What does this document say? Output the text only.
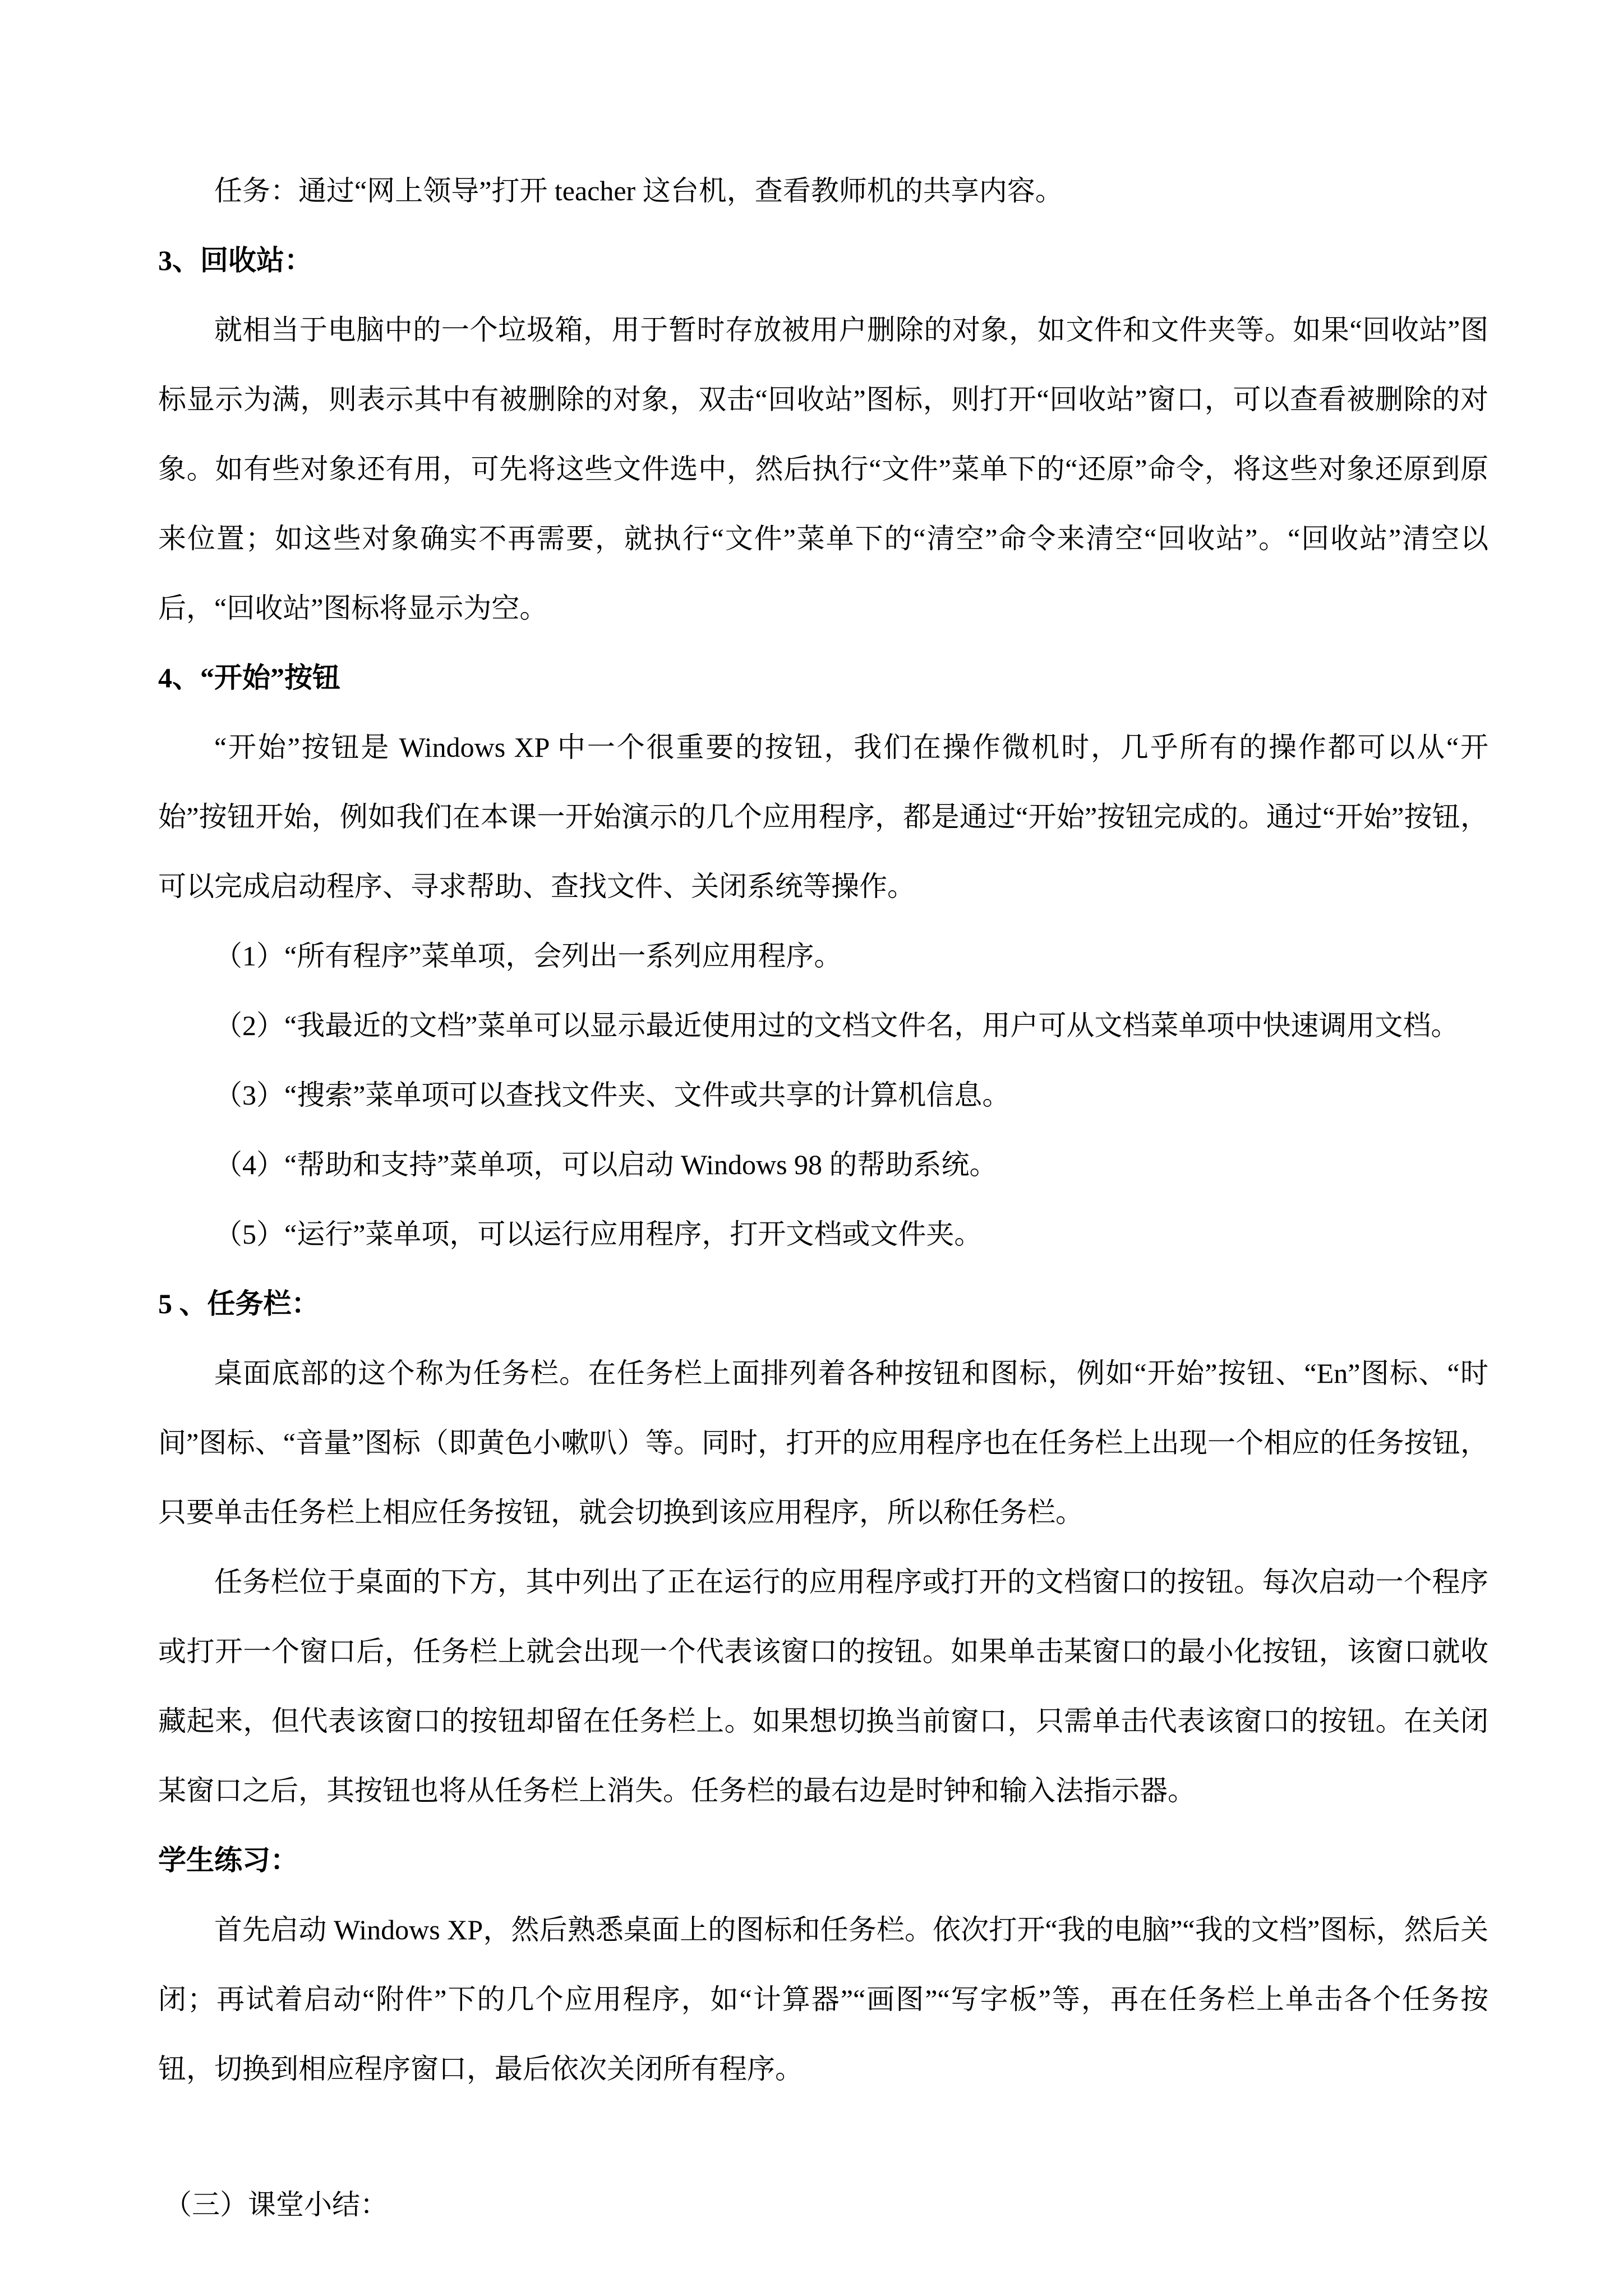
任务：通过“网上领导”打开 teacher 这台机，查看教师机的共享内容。

3、回收站：

就相当于电脑中的一个垃圾箱，用于暂时存放被用户删除的对象，如文件和文件夹等。如果“回收站”图标显示为满，则表示其中有被删除的对象，双击“回收站”图标，则打开“回收站”窗口，可以查看被删除的对象。如有些对象还有用，可先将这些文件选中，然后执行“文件”菜单下的“还原”命令，将这些对象还原到原来位置；如这些对象确实不再需要，就执行“文件”菜单下的“清空”命令来清空“回收站”。“回收站”清空以后，“回收站”图标将显示为空。

4、“开始”按钮

“开始”按钮是 Windows XP 中一个很重要的按钮，我们在操作微机时，几乎所有的操作都可以从“开始”按钮开始，例如我们在本课一开始演示的几个应用程序，都是通过“开始”按钮完成的。通过“开始”按钮，可以完成启动程序、寻求帮助、查找文件、关闭系统等操作。

（1）“所有程序”菜单项，会列出一系列应用程序。

（2）“我最近的文档”菜单可以显示最近使用过的文档文件名，用户可从文档菜单项中快速调用文档。

（3）“搜索”菜单项可以查找文件夹、文件或共享的计算机信息。

（4）“帮助和支持”菜单项，可以启动 Windows 98 的帮助系统。

（5）“运行”菜单项，可以运行应用程序，打开文档或文件夹。

5 、任务栏：

桌面底部的这个称为任务栏。在任务栏上面排列着各种按钮和图标，例如“开始”按钮、“En”图标、“时间”图标、“音量”图标（即黄色小嗽叭）等。同时，打开的应用程序也在任务栏上出现一个相应的任务按钮，只要单击任务栏上相应任务按钮，就会切换到该应用程序，所以称任务栏。

任务栏位于桌面的下方，其中列出了正在运行的应用程序或打开的文档窗口的按钮。每次启动一个程序或打开一个窗口后，任务栏上就会出现一个代表该窗口的按钮。如果单击某窗口的最小化按钮，该窗口就收藏起来，但代表该窗口的按钮却留在任务栏上。如果想切换当前窗口，只需单击代表该窗口的按钮。在关闭某窗口之后，其按钮也将从任务栏上消失。任务栏的最右边是时钟和输入法指示器。

学生练习：

首先启动 Windows XP，然后熟悉桌面上的图标和任务栏。依次打开“我的电脑”“我的文档”图标，然后关闭；再试着启动“附件”下的几个应用程序，如“计算器”“画图”“写字板”等，再在任务栏上单击各个任务按钮，切换到相应程序窗口，最后依次关闭所有程序。

（三）课堂小结：
